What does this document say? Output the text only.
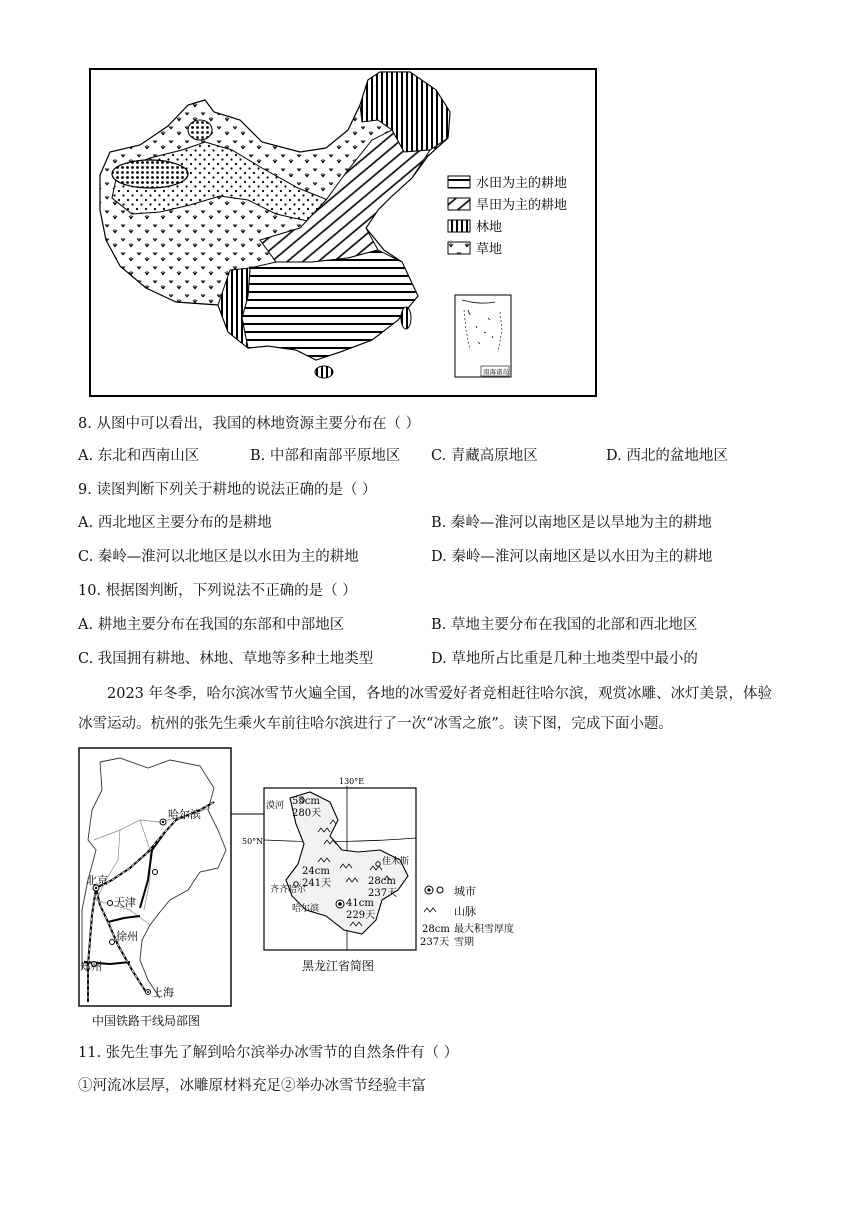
水田为主的耕地
旱田为主的耕地
林地
草地
南海诸岛
8. 从图中可以看出，我国的林地资源主要分布在（ ）
A. 东北和西南山区	B. 中部和南部平原地区 C. 青藏高原地区	D. 西北的盆地地区
9. 读图判断下列关于耕地的说法正确的是（ ）
A. 西北地区主要分布的是耕地	B. 秦岭—淮河以南地区是以旱地为主的耕地
C. 秦岭—淮河以北地区是以水田为主的耕地	D. 秦岭—淮河以南地区是以水田为主的耕地
10. 根据图判断，下列说法不正确的是（ ）
A. 耕地主要分布在我国的东部和中部地区	B. 草地主要分布在我国的北部和西北地区
C. 我国拥有耕地、林地、草地等多种土地类型	D. 草地所占比重是几种土地类型中最小的
2023 年冬季，哈尔滨冰雪节火遍全国，各地的冰雪爱好者竞相赶往哈尔滨，观赏冰雕、冰灯美景，体验冰雪运动。杭州的张先生乘火车前往哈尔滨进行了一次“冰雪之旅”。读下图，完成下面小题。
哈尔滨
北京
天津
徐州
郑州
上海
中国铁路干线局部图
130°E
50°N
漠河 53cm
280天
齐齐哈尔
24cm
241天
佳木斯
28cm
237天
哈尔滨	41cm
229天
黑龙江省简图
城市
山脉
28cm 最大积雪厚度
237天 雪期
11. 张先生事先了解到哈尔滨举办冰雪节的自然条件有（ ）
①河流冰层厚，冰雕原材料充足②举办冰雪节经验丰富
